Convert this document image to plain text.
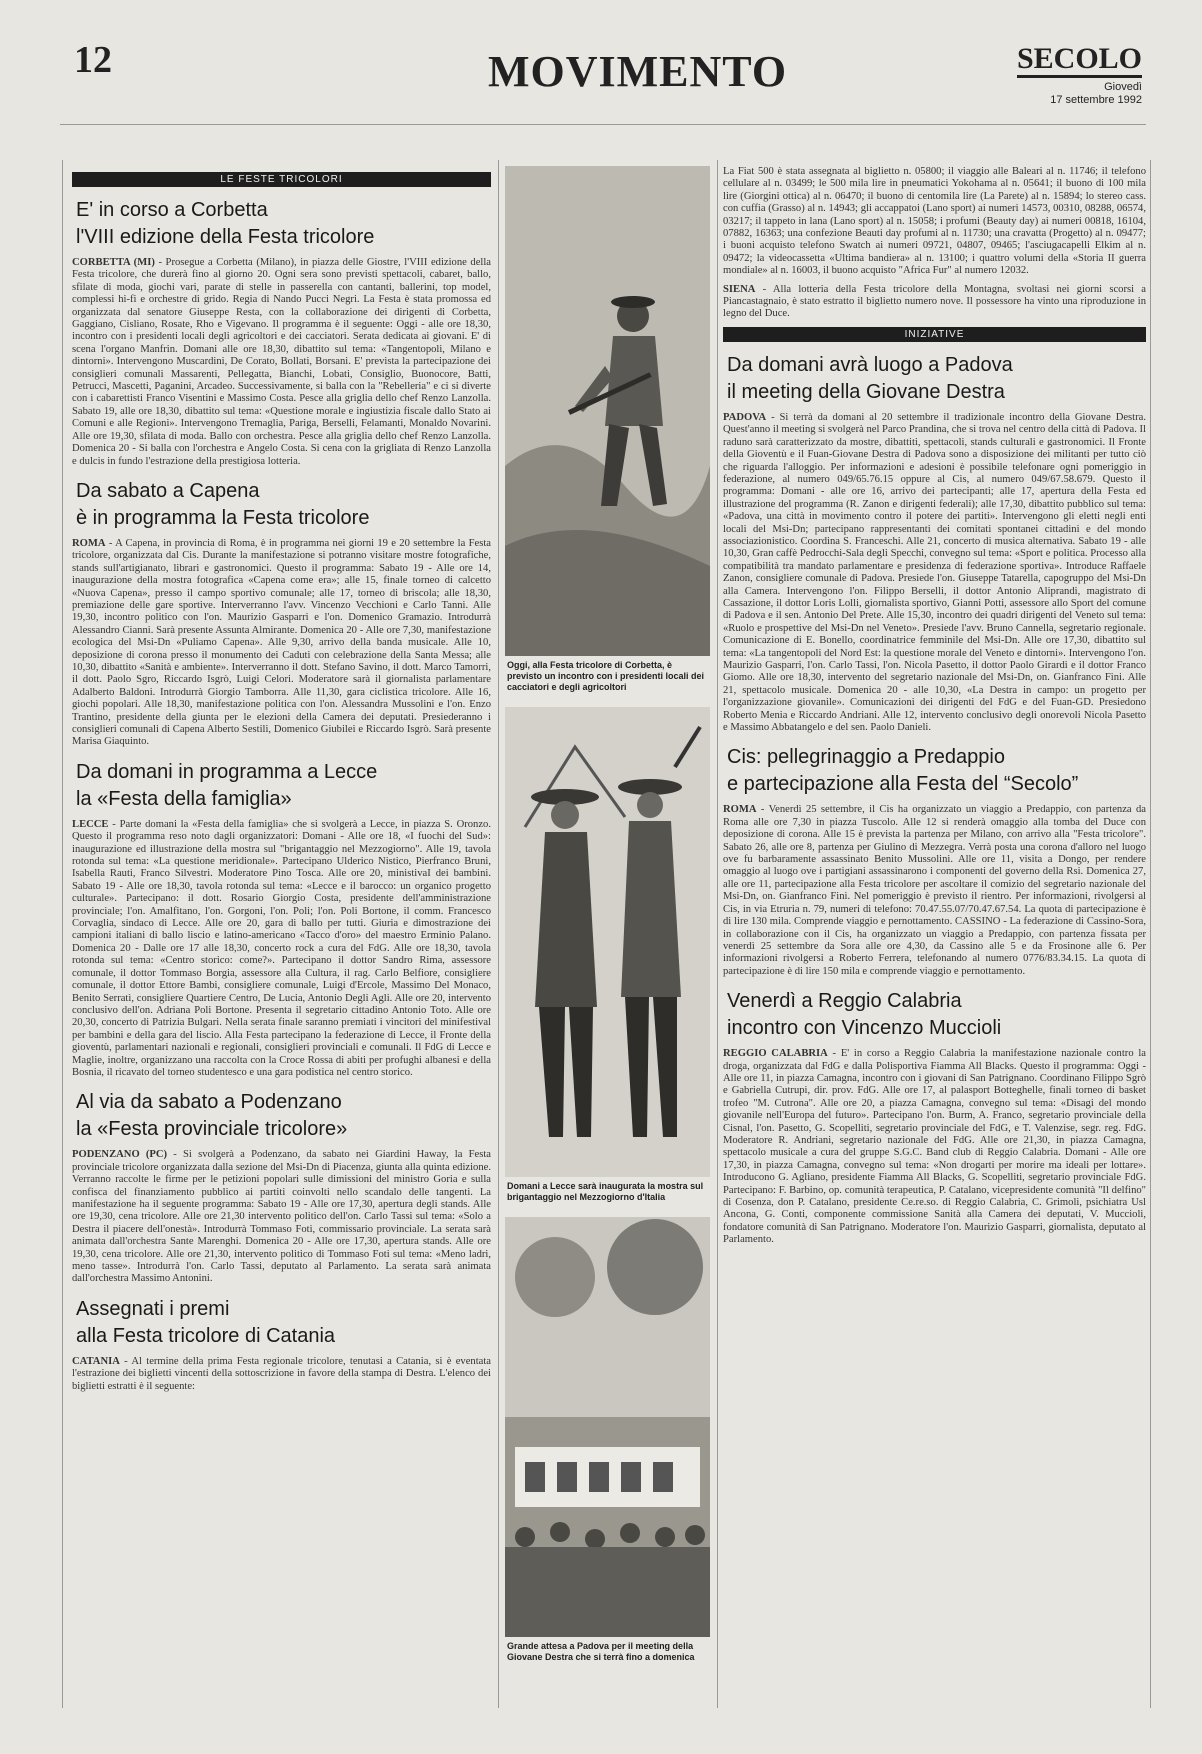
12	MOVIMENTO	SECOLO
Giovedì
17 settembre 1992
LE FESTE TRICOLORI
E' in corso a Corbetta
l'VIII edizione della Festa tricolore

CORBETTA (MI) - Prosegue a Corbetta (Milano), in piazza delle Giostre, l'VIII edizione della Festa tricolore, che durerà fino al giorno 20. Ogni sera sono previsti spettacoli, cabaret, ballo, sfilate di moda, giochi vari, parate di stelle in passerella con cantanti, ballerini, top model, complessi hi-fi e orchestre di grido. Regia di Nando Pucci Negri. La Festa è stata promossa ed organizzata dal senatore Giuseppe Resta, con la collaborazione dei dirigenti di Corbetta, Gaggiano, Cisliano, Rosate, Rho e Vigevano. Il programma è il seguente: Oggi - alle ore 18,30, incontro con i presidenti locali degli agricoltori e dei cacciatori. Serata dedicata ai giovani. E' di scena l'organo Manfrin. Domani alle ore 18,30, dibattito sul tema: «Tangentopoli, Milano e dintorni». Intervengono Muscardini, De Corato, Bollati, Borsani. E' prevista la partecipazione dei consiglieri comunali Massarenti, Pellegatta, Bianchi, Lobati, Consiglio, Buonocore, Batti, Petrucci, Mascetti, Paganini, Arcadeo. Successivamente, si balla con la "Rebelleria" e ci si diverte con i cabarettisti Franco Visentini e Massimo Costa. Pesce alla griglia dello chef Renzo Lanzolla. Sabato 19, alle ore 18,30, dibattito sul tema: «Questione morale e ingiustizia fiscale dallo Stato ai Comuni e alle Regioni». Intervengono Tremaglia, Pariga, Berselli, Felamanti, Monaldo Novarini. Alle ore 19,30, sfilata di moda. Ballo con orchestra. Pesce alla griglia dello chef Renzo Lanzolla. Domenica 20 - Si balla con l'orchestra e Angelo Costa. Si cena con la grigliata di Renzo Lanzolla e dulcis in fundo l'estrazione della prestigiosa lotteria.

Da sabato a Capena
è in programma la Festa tricolore

ROMA - A Capena, in provincia di Roma, è in programma nei giorni 19 e 20 settembre la Festa tricolore, organizzata dal Cis. Durante la manifestazione si potranno visitare mostre fotografiche, stands sull'artigianato, librari e gastronomici. Questo il programma: Sabato 19 - Alle ore 14, inaugurazione della mostra fotografica «Capena come era»; alle 15, finale torneo di calcetto «Nuova Capena», presso il campo sportivo comunale; alle 17, torneo di briscola; alle 18,30, premiazione delle gare sportive. Interverranno l'avv. Vincenzo Vecchioni e Carlo Tanni. Alle 19,30, incontro politico con l'on. Maurizio Gasparri e l'on. Domenico Gramazio. Introdurrà Alessandro Cianni. Sarà presente Assunta Almirante. Domenica 20 - Alle ore 7,30, manifestazione ecologica del Msi-Dn «Puliamo Capena». Alle 9,30, arrivo della banda musicale. Alle 10, deposizione di corona presso il monumento dei Caduti con celebrazione della Santa Messa; alle 10,30, dibattito «Sanità e ambiente». Interverranno il dott. Stefano Savino, il dott. Marco Tamorri, il dott. Paolo Sgro, Riccardo Isgrò, Luigi Celori. Moderatore sarà il giornalista parlamentare Adalberto Baldoni. Introdurrà Giorgio Tamborra. Alle 11,30, gara ciclistica tricolore. Alle 16, giochi popolari. Alle 18,30, manifestazione politica con l'on. Alessandra Mussolini e l'on. Enzo Trantino, presidente della giunta per le elezioni della Camera dei deputati. Presiederanno i consiglieri comunali di Capena Alberto Sestili, Domenico Giubilei e Riccardo Isgrò. Sarà presente Marisa Giaquinto.

Da domani in programma a Lecce
la «Festa della famiglia»

LECCE - Parte domani la «Festa della famiglia» che si svolgerà a Lecce, in piazza S. Oronzo. Questo il programma reso noto dagli organizzatori: Domani - Alle ore 18, «I fuochi del Sud»: inaugurazione ed illustrazione della mostra sul "brigantaggio nel Mezzogiorno". Alle 19, tavola rotonda sul tema: «La questione meridionale». Partecipano Ulderico Nistico, Pierfranco Bruni, Isabella Rauti, Franco Silvestri. Moderatore Pino Tosca. Alle ore 20, ministivaI dei bambini. Sabato 19 - Alle ore 18,30, tavola rotonda sul tema: «Lecce e il barocco: un organico progetto culturale». Partecipano: il dott. Rosario Giorgio Costa, presidente dell'amministrazione provinciale; l'on. Amalfitano, l'on. Gorgoni, l'on. Poli; l'on. Poli Bortone, il comm. Francesco Corvaglia, sindaco di Lecce. Alle ore 20, gara di ballo per tutti. Giuria e dimostrazione dei campioni italiani di ballo liscio e latino-americano «Tacco d'oro» del maestro Erminio Palano. Domenica 20 - Dalle ore 17 alle 18,30, concerto rock a cura del FdG. Alle ore 18,30, tavola rotonda sul tema: «Centro storico: come?». Partecipano il dottor Sandro Rima, assessore comunale, il dottor Tommaso Borgia, assessore alla Cultura, il rag. Carlo Belfiore, consigliere comunale, il dottor Ettore Bambi, consigliere comunale, Luigi d'Ercole, Massimo Del Monaco, Benito Serratì, consigliere Quartiere Centro, De Lucia, Antonio Degli Agli. Alle ore 20, intervento conclusivo dell'on. Adriana Poli Bortone. Presenta il segretario cittadino Antonio Toto. Alle ore 20,30, concerto di Patrizia Bulgari. Nella serata finale saranno premiati i vincitori del minifestival per bambini e della gara del liscio. Alla Festa partecipano la federazione di Lecce, il Fronte della gioventù, parlamentari nazionali e regionali, consiglieri provinciali e comunali. Il FdG di Lecce e Maglie, inoltre, organizzano una raccolta con la Croce Rossa di abiti per profughi albanesi e della Bosnia, il ricavato del torneo studentesco e una gara podistica nel centro storico.

Al via da sabato a Podenzano
la «Festa provinciale tricolore»

PODENZANO (PC) - Si svolgerà a Podenzano, da sabato nei Giardini Haway, la Festa provinciale tricolore organizzata dalla sezione del Msi-Dn di Piacenza, giunta alla quinta edizione. Verranno raccolte le firme per le petizioni popolari sulle dimissioni del ministro Goria e sulla confisca del finanziamento pubblico ai partiti coinvolti nello scandalo delle tangenti. La manifestazione ha il seguente programma: Sabato 19 - Alle ore 17,30, apertura degli stands. Alle ore 19,30, cena tricolore. Alle ore 21,30 intervento politico dell'on. Carlo Tassi sul tema: «Solo a Destra il piacere dell'onestà». Introdurrà Tommaso Foti, commissario provinciale. La serata sarà animata dall'orchestra Sante Marenghi. Domenica 20 - Alle ore 17,30, apertura stands. Alle ore 19,30, cena tricolore. Alle ore 21,30, intervento politico di Tommaso Foti sul tema: «Meno ladri, meno tasse». Introdurrà l'on. Carlo Tassi, deputato al Parlamento. La serata sarà animata dall'orchestra Massimo Antonini.

Assegnati i premi
alla Festa tricolore di Catania

CATANIA - Al termine della prima Festa regionale tricolore, tenutasi a Catania, si è eventata l'estrazione dei biglietti vincenti della sottoscrizione in favore della stampa di Destra. L'elenco dei biglietti estratti è il seguente:

Oggi, alla Festa tricolore di Corbetta, è previsto un incontro con i presidenti locali dei cacciatori e degli agricoltori
Domani a Lecce sarà inaugurata la mostra sul brigantaggio nel Mezzogiorno d'Italia
Grande attesa a Padova per il meeting della Giovane Destra che si terrà fino a domenica

La Fiat 500 è stata assegnata al biglietto n. 05800; il viaggio alle Baleari al n. 11746; il telefono cellulare al n. 03499; le 500 mila lire in pneumatici Yokohama al n. 05641; il buono di 100 mila lire (Giorgini ottica) al n. 06470; il buono di centomila lire (La Parete) al n. 15894; lo stereo cass. con cuffia (Grasso) al n. 14943; gli accappatoi (Lano sport) ai numeri 14573, 00310, 08288, 06574, 03217; il tappeto in lana (Lano sport) al n. 15058; i profumi (Beauty day) ai numeri 00818, 16104, 07882, 16363; una confezione Beauti day profumi al n. 11730; una cravatta (Progetto) al n. 09477; i buoni acquisto telefono Swatch ai numeri 09721, 04807, 09465; l'asciugacapelli Elkim al n. 09472; la videocassetta «Ultima bandiera» al n. 13100; i quattro volumi della «Storia II guerra mondiale» al n. 16003, il buono acquisto "Africa Fur" al numero 12032.

SIENA - Alla lotteria della Festa tricolore della Montagna, svoltasi nei giorni scorsi a Piancastagnaio, è stato estratto il biglietto numero nove. Il possessore ha vinto una riproduzione in legno del Duce.

INIZIATIVE
Da domani avrà luogo a Padova
il meeting della Giovane Destra

PADOVA - Si terrà da domani al 20 settembre il tradizionale incontro della Giovane Destra. Quest'anno il meeting si svolgerà nel Parco Prandina, che si trova nel centro della città di Padova. Il raduno sarà caratterizzato da mostre, dibattiti, spettacoli, stands culturali e gastronomici. Il Fronte della Gioventù e il Fuan-Giovane Destra di Padova sono a disposizione dei militanti per tutto ciò che riguarda l'alloggio. Per informazioni e adesioni è possibile telefonare ogni pomeriggio in federazione, al numero 049/65.76.15 oppure al Cis, al numero 049/67.58.679. Questo il programma: Domani - alle ore 16, arrivo dei partecipanti; alle 17, apertura della Festa ed illustrazione del programma (R. Zanon e dirigenti federali); alle 17,30, dibattito pubblico sul tema: «Padova, una città in movimento contro il potere dei partiti». Intervengono gli eletti negli enti locali del Msi-Dn; partecipano rappresentanti dei comitati spontanei cittadini e del mondo associazionistico. Coordina S. Franceschi. Alle 21, concerto di musica alternativa. Sabato 19 - alle 10,30, Gran caffè Pedrocchi-Sala degli Specchi, convegno sul tema: «Sport e politica. Processo alla compatibilità tra mandato parlamentare e presidenza di federazione sportiva». Introduce Raffaele Zanon, consigliere comunale di Padova. Presiede l'on. Giuseppe Tatarella, capogruppo del Msi-Dn alla Camera. Intervengono l'on. Filippo Berselli, il dottor Antonio Aliprandi, magistrato di Cassazione, il dottor Loris Lolli, giornalista sportivo, Gianni Potti, assessore allo Sport del comune di Padova e il sen. Antonio Del Prete. Alle 15,30, incontro dei quadri dirigenti del Veneto sul tema: «Ruolo e prospettive del Msi-Dn nel Veneto». Presiede l'avv. Bruno Cannella, segretario regionale. Comunicazione di E. Bonello, coordinatrice femminile del Msi-Dn. Alle ore 17,30, dibattito sul tema: «La tangentopoli del Nord Est: la questione morale del Veneto e dintorni». Intervengono l'on. Maurizio Gasparri, l'on. Carlo Tassi, l'on. Nicola Pasetto, il dottor Paolo Girardi e il dottor Franco Giomo. Alle ore 18,30, intervento del segretario nazionale del Msi-Dn, on. Gianfranco Fini. Alle 21, spettacolo musicale. Domenica 20 - alle 10,30, «La Destra in campo: un progetto per l'organizzazione giovanile». Comunicazioni dei dirigenti del FdG e del Fuan-GD. Presiedono Roberto Menia e Riccardo Andriani. Alle 12, intervento conclusivo degli onorevoli Nicola Pasetto e Massimo Abbatangelo e del sen. Paolo Danieli.

Cis: pellegrinaggio a Predappio
e partecipazione alla Festa del “Secolo”

ROMA - Venerdì 25 settembre, il Cis ha organizzato un viaggio a Predappio, con partenza da Roma alle ore 7,30 in piazza Tuscolo. Alle 12 si renderà omaggio alla tomba del Duce con deposizione di corona. Alle 15 è prevista la partenza per Milano, con arrivo alla "Festa tricolore". Sabato 26, alle ore 8, partenza per Giulino di Mezzegra. Verrà posta una corona d'alloro nel luogo ove fu barbaramente assassinato Benito Mussolini. Alle ore 11, visita a Dongo, per rendere omaggio al luogo ove i partigiani assassinarono i componenti del governo della Rsi. Domenica 27, alle ore 11, partecipazione alla Festa tricolore per ascoltare il comizio del segretario nazionale del Msi-Dn, on. Gianfranco Fini. Nel pomeriggio è previsto il rientro. Per informazioni, rivolgersi al Cis, in via Etruria n. 79, numeri di telefono: 70.47.55.07/70.47.67.54. La quota di partecipazione è di lire 130 mila. Comprende viaggio e pernottamento. CASSINO - La federazione di Cassino-Sora, in collaborazione con il Cis, ha organizzato un viaggio a Predappio, con partenza fissata per venerdì 25 settembre da Sora alle ore 4,30, da Cassino alle 5 e da Frosinone alle 6. Per informazioni rivolgersi a Roberto Ferrera, telefonando al numero 0776/83.34.15. La quota di partecipazione è di lire 150 mila e comprende viaggio e pernottamento.

Venerdì a Reggio Calabria
incontro con Vincenzo Muccioli

REGGIO CALABRIA - E' in corso a Reggio Calabria la manifestazione nazionale contro la droga, organizzata dal FdG e dalla Polisportiva Fiamma All Blacks. Questo il programma: Oggi - Alle ore 11, in piazza Camagna, incontro con i giovani di San Patrignano. Coordinano Filippo Sgrò e Gabriella Cutrupi, dir. prov. FdG. Alle ore 17, al palasport Botteghelle, finali torneo di basket trofeo "M. Cutrona". Alle ore 20, a piazza Camagna, convegno sul tema: «Disagi del mondo giovanile nell'Europa del futuro». Partecipano l'on. Burm, A. Franco, segretario provinciale della Cisnal, l'on. Pasetto, G. Scopelliti, segretario provinciale del FdG, e T. Valenzise, segr. reg. FdG. Moderatore R. Andriani, segretario nazionale del FdG. Alle ore 21,30, in piazza Camagna, spettacolo musicale a cura del gruppe S.G.C. Band club di Reggio Calabria. Domani - Alle ore 17,30, in piazza Camagna, convegno sul tema: «Non drogarti per morire ma ideali per lottare». Introducono G. Agliano, presidente Fiamma All Blacks, G. Scopelliti, segretario provinciale FdG. Partecipano: F. Barbino, op. comunità terapeutica, P. Catalano, vicepresidente comunità "Il delfino" di Cosenza, don P. Catalano, presidente Ce.re.so. di Reggio Calabria, C. Grimoli, psichiatra Usl Ancona, G. Conti, componente commissione Sanità alla Camera dei deputati, V. Muccioli, fondatore comunità di San Patrignano. Moderatore l'on. Maurizio Gasparri, giornalista, deputato al Parlamento.
